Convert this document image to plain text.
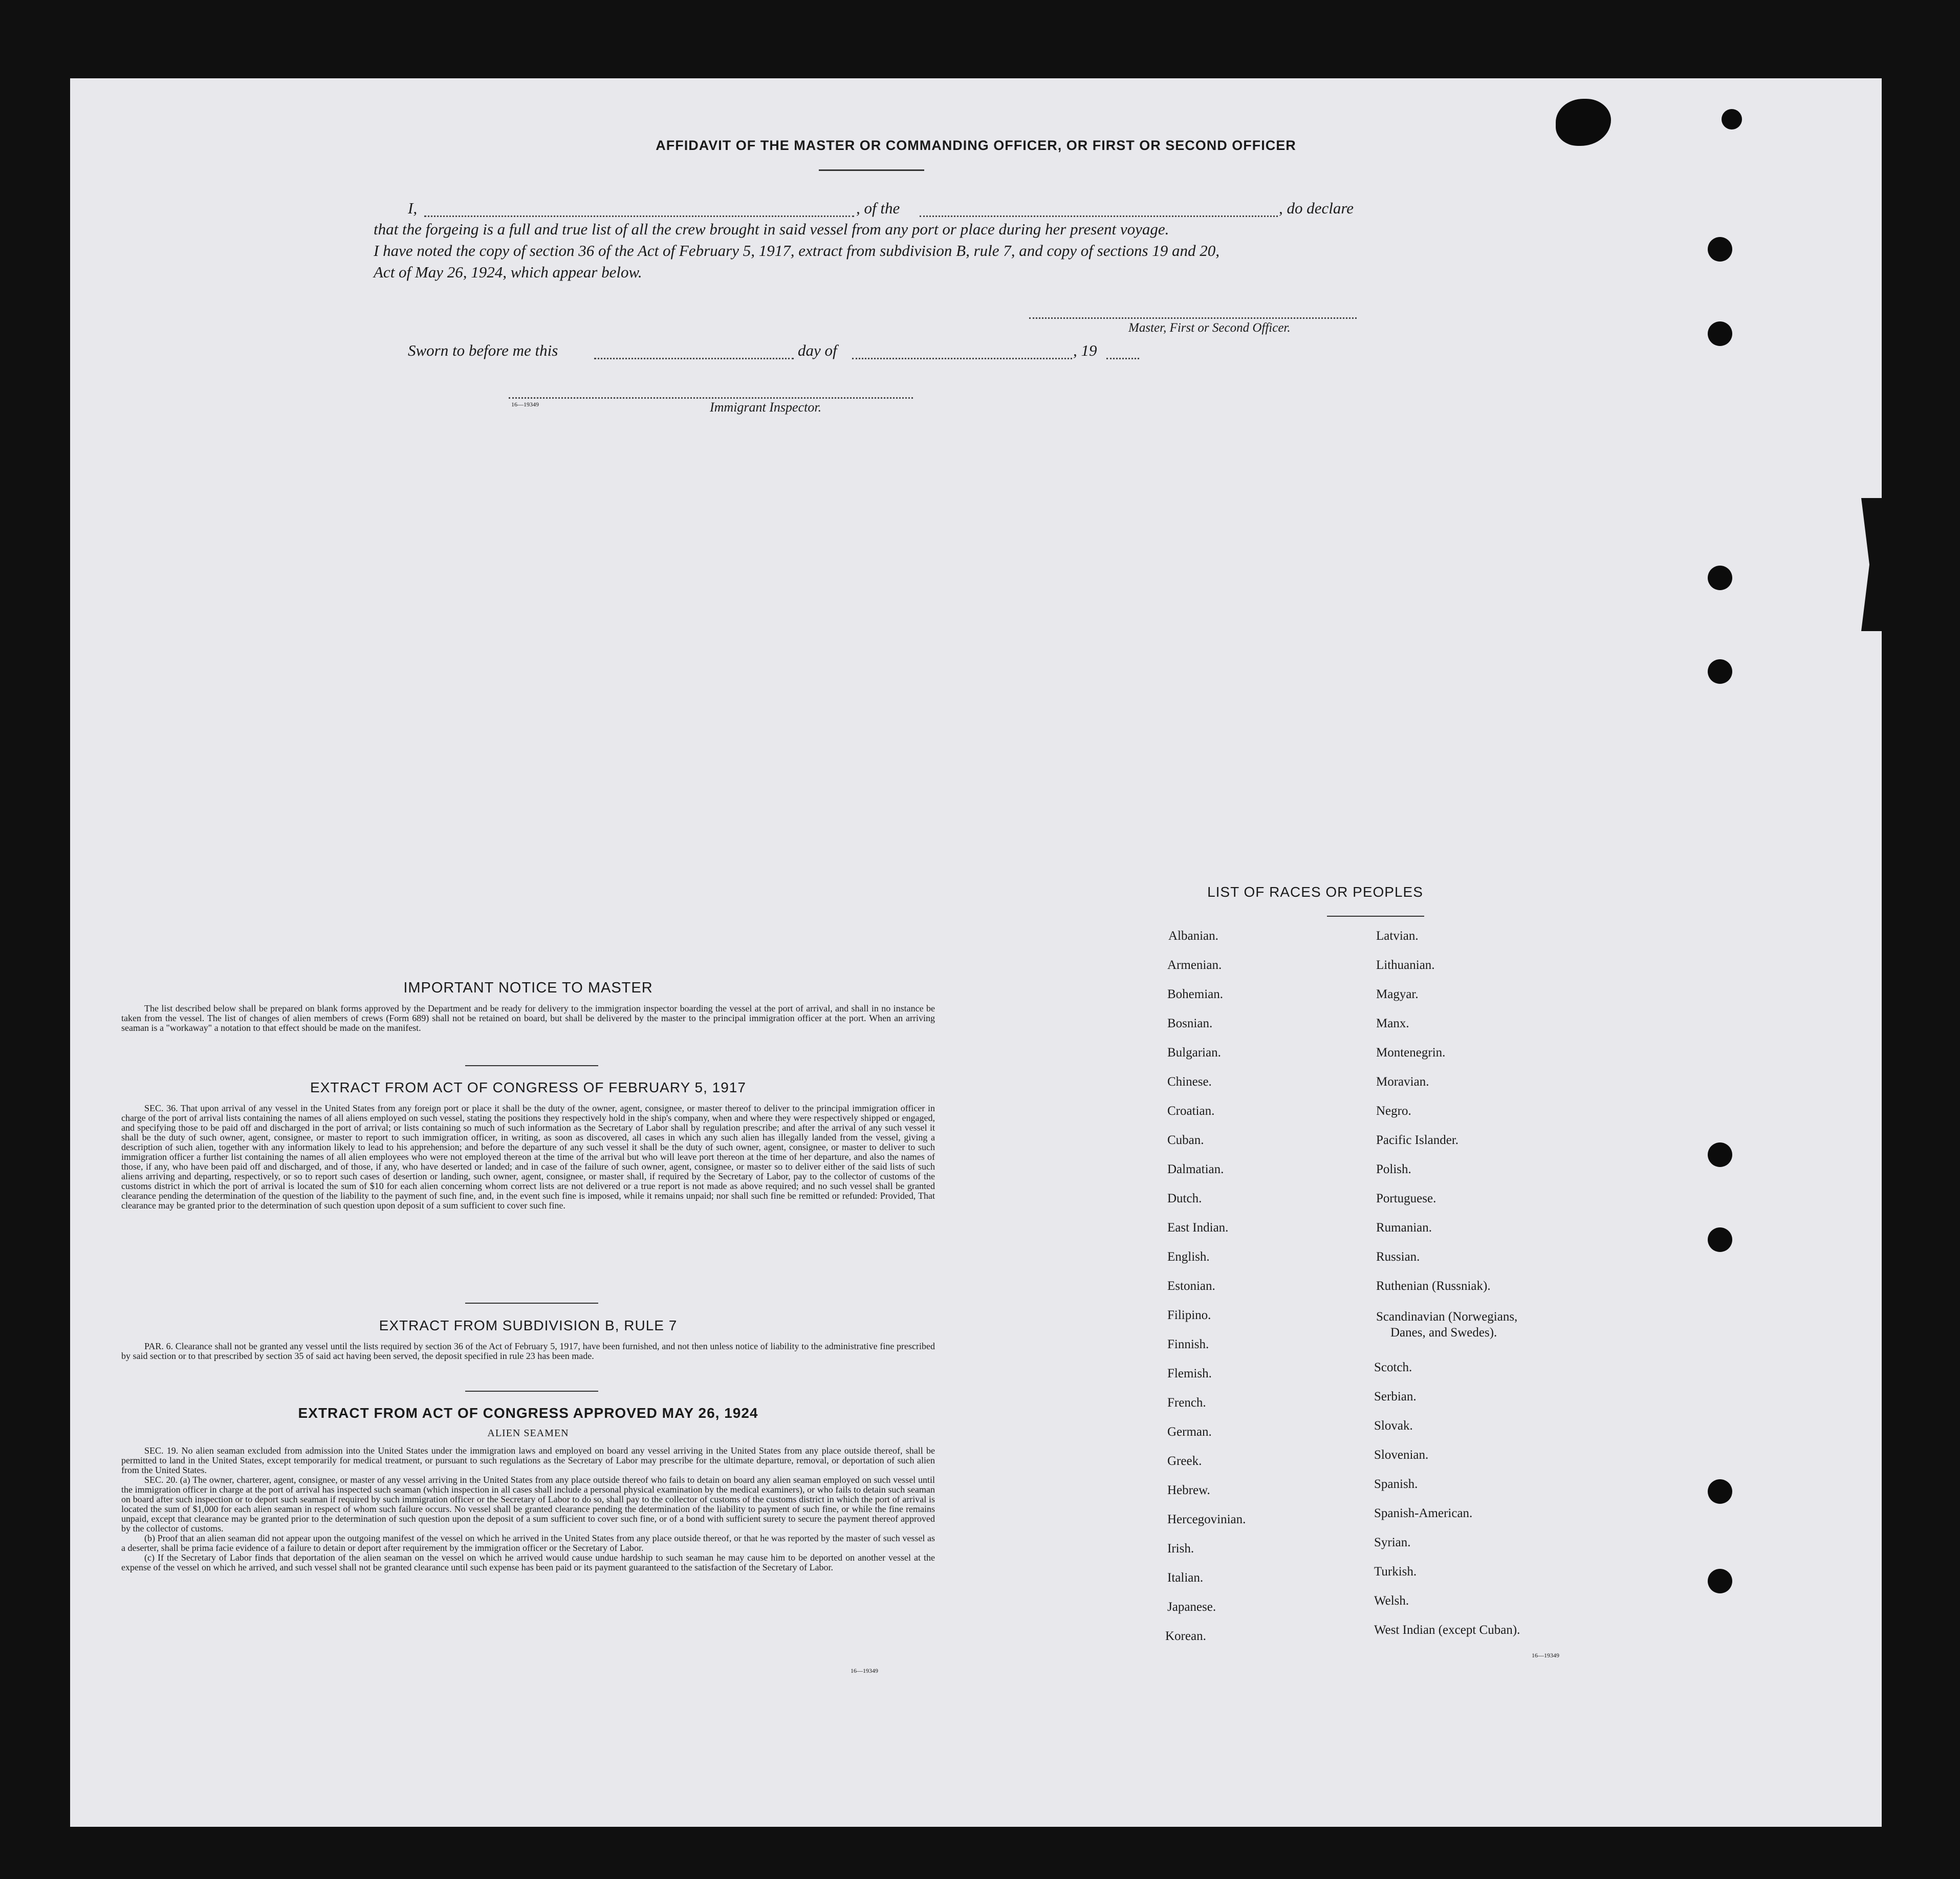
AFFIDAVIT OF THE MASTER OR COMMANDING OFFICER, OR FIRST OR SECOND OFFICER
I,	, of the	, do declare
that the forgeing is a full and true list of all the crew brought in said vessel from any port or place during her present voyage.
I have noted the copy of section 36 of the Act of February 5, 1917, extract from subdivision B, rule 7, and copy of sections 19 and 20,
Act of May 26, 1924, which appear below.
Master, First or Second Officer.
Sworn to before me this	day of	, 19
16—19349	Immigrant Inspector.
IMPORTANT NOTICE TO MASTER
The list described below shall be prepared on blank forms approved by the Department and be ready for delivery to the immigration inspector boarding the vessel at the port of arrival, and shall in no instance be taken from the vessel. The list of changes of alien members of crews (Form 689) shall not be retained on board, but shall be delivered by the master to the principal immigration officer at the port. When an arriving seaman is a "workaway" a notation to that effect should be made on the manifest.
EXTRACT FROM ACT OF CONGRESS OF FEBRUARY 5, 1917
SEC. 36. That upon arrival of any vessel in the United States from any foreign port or place it shall be the duty of the owner, agent, consignee, or master thereof to deliver to the principal immigration officer in charge of the port of arrival lists containing the names of all aliens employed on such vessel, stating the positions they respectively hold in the ship's company, when and where they were respectively shipped or engaged, and specifying those to be paid off and discharged in the port of arrival; or lists containing so much of such information as the Secretary of Labor shall by regulation prescribe; and after the arrival of any such vessel it shall be the duty of such owner, agent, consignee, or master to report to such immigration officer, in writing, as soon as discovered, all cases in which any such alien has illegally landed from the vessel, giving a description of such alien, together with any information likely to lead to his apprehension; and before the departure of any such vessel it shall be the duty of such owner, agent, consignee, or master to deliver to such immigration officer a further list containing the names of all alien employees who were not employed thereon at the time of the arrival but who will leave port thereon at the time of her departure, and also the names of those, if any, who have been paid off and discharged, and of those, if any, who have deserted or landed; and in case of the failure of such owner, agent, consignee, or master so to deliver either of the said lists of such aliens arriving and departing, respectively, or so to report such cases of desertion or landing, such owner, agent, consignee, or master shall, if required by the Secretary of Labor, pay to the collector of customs of the customs district in which the port of arrival is located the sum of $10 for each alien concerning whom correct lists are not delivered or a true report is not made as above required; and no such vessel shall be granted clearance pending the determination of the question of the liability to the payment of such fine, and, in the event such fine is imposed, while it remains unpaid; nor shall such fine be remitted or refunded: Provided, That clearance may be granted prior to the determination of such question upon deposit of a sum sufficient to cover such fine.
EXTRACT FROM SUBDIVISION B, RULE 7
PAR. 6. Clearance shall not be granted any vessel until the lists required by section 36 of the Act of February 5, 1917, have been furnished, and not then unless notice of liability to the administrative fine prescribed by said section or to that prescribed by section 35 of said act having been served, the deposit specified in rule 23 has been made.
EXTRACT FROM ACT OF CONGRESS APPROVED MAY 26, 1924
ALIEN SEAMEN
SEC. 19. No alien seaman excluded from admission into the United States under the immigration laws and employed on board any vessel arriving in the United States from any place outside thereof, shall be permitted to land in the United States, except temporarily for medical treatment, or pursuant to such regulations as the Secretary of Labor may prescribe for the ultimate departure, removal, or deportation of such alien from the United States.
SEC. 20. (a) The owner, charterer, agent, consignee, or master of any vessel arriving in the United States from any place outside thereof who fails to detain on board any alien seaman employed on such vessel until the immigration officer in charge at the port of arrival has inspected such seaman (which inspection in all cases shall include a personal physical examination by the medical examiners), or who fails to detain such seaman on board after such inspection or to deport such seaman if required by such immigration officer or the Secretary of Labor to do so, shall pay to the collector of customs of the customs district in which the port of arrival is located the sum of $1,000 for each alien seaman in respect of whom such failure occurs. No vessel shall be granted clearance pending the determination of the liability to payment of such fine, or while the fine remains unpaid, except that clearance may be granted prior to the determination of such question upon the deposit of a sum sufficient to cover such fine, or of a bond with sufficient surety to secure the payment thereof approved by the collector of customs.
(b) Proof that an alien seaman did not appear upon the outgoing manifest of the vessel on which he arrived in the United States from any place outside thereof, or that he was reported by the master of such vessel as a deserter, shall be prima facie evidence of a failure to detain or deport after requirement by the immigration officer or the Secretary of Labor.
(c) If the Secretary of Labor finds that deportation of the alien seaman on the vessel on which he arrived would cause undue hardship to such seaman he may cause him to be deported on another vessel at the expense of the vessel on which he arrived, and such vessel shall not be granted clearance until such expense has been paid or its payment guaranteed to the satisfaction of the Secretary of Labor.
16—19349
LIST OF RACES OR PEOPLES
Albanian.
Armenian.
Bohemian.
Bosnian.
Bulgarian.
Chinese.
Croatian.
Cuban.
Dalmatian.
Dutch.
East Indian.
English.
Estonian.
Filipino.
Finnish.
Flemish.
French.
German.
Greek.
Hebrew.
Hercegovinian.
Irish.
Italian.
Japanese.
Korean.
Latvian.
Lithuanian.
Magyar.
Manx.
Montenegrin.
Moravian.
Negro.
Pacific Islander.
Polish.
Portuguese.
Rumanian.
Russian.
Ruthenian (Russniak).
Scandinavian (Norwegians,
Danes, and Swedes).
Scotch.
Serbian.
Slovak.
Slovenian.
Spanish.
Spanish-American.
Syrian.
Turkish.
Welsh.
West Indian (except Cuban).
16—19349
